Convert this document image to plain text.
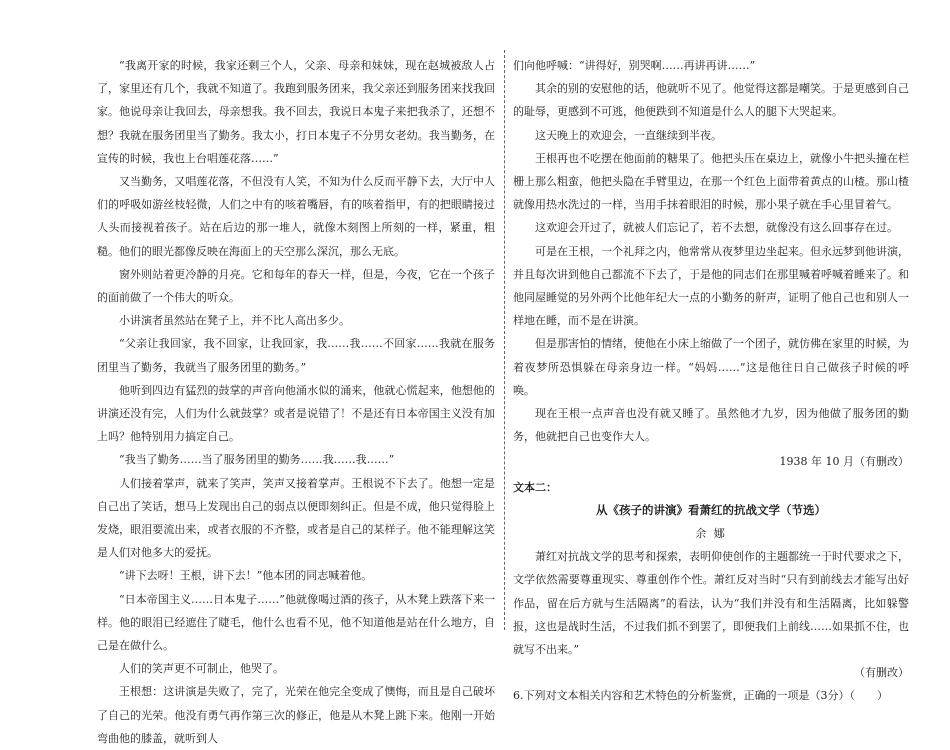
“我离开家的时候，我家还剩三个人，父亲、母亲和妹妹，现在赵城被敌人占了，家里还有几个，我就不知道了。我跑到服务团来，我父亲还到服务团来找我回家。他说母亲让我回去，母亲想我。我不回去，我说日本鬼子来把我杀了，还想不想？我就在服务团里当了勤务。我太小，打日本鬼子不分男女老幼。我当勤务，在宣传的时候，我也上台唱莲花落……”

又当勤务，又唱莲花落，不但没有人笑，不知为什么反而平静下去，大厅中人们的呼吸如游丝枝轻微，人们之中有的咳着嘴唇，有的咳着指甲，有的把眼睛接过人头而接视着孩子。站在后边的那一堆人，就像木刻图上所刻的一样，紧重，粗糙。他们的眼光都像反映在海面上的天空那么深沉，那么无底。

窗外则站着更冷静的月亮。它和每年的春天一样，但是，今夜，它在一个孩子的面前做了一个伟大的听众。

小讲演者虽然站在凳子上，并不比人高出多少。

“父亲让我回家，我不回家，让我回家，我……我……不回家……我就在服务团里当了勤务，我就当了服务团里的勤务。”

他听到四边有猛烈的鼓掌的声音向他涌水似的涌来，他就心慌起来，他想他的讲演还没有完，人们为什么就鼓掌？或者是说错了！不是还有日本帝国主义没有加上吗？他特别用力搞定自己。

“我当了勤务……当了服务团里的勤务……我……我……”

人们接着掌声，就来了笑声，笑声又接着掌声。王根说不下去了。他想一定是自己出了笑话，想马上发现出自己的弱点以便即刻纠正。但是不成，他只觉得脸上发烧，眼泪要流出来，或者衣服的不齐整，或者是自己的某样子。他不能理解这笑是人们对他多大的爱抚。

“讲下去呀！王根，讲下去！”他本团的同志喊着他。

“日本帝国主义……日本鬼子……”他就像喝过酒的孩子，从木凳上跌落下来一样。他的眼泪已经遮住了睫毛，他什么也看不见，他不知道他是站在什么地方，自己是在做什么。

人们的笑声更不可制止，他哭了。

王根想：这讲演是失败了，完了，光荣在他完全变成了懊悔，而且是自己破坏了自己的光荣。他没有勇气再作第三次的修正，他是从木凳上跳下来。他刚一开始弯曲他的膝盖，就听到人

们向他呼喊：“讲得好，别哭啊……再讲再讲……”

其余的别的安慰他的话，他就听不见了。他觉得这都是嘲笑。于是更感到自己的耻辱，更感到不可逃，他便跌到不知道是什么人的腿下大哭起来。

这天晚上的欢迎会，一直继续到半夜。

王根再也不吃摆在他面前的糖果了。他把头压在桌边上，就像小牛把头撞在栏栅上那么粗蛮，他把头隐在手臂里边，在那一个红色上面带着黄点的山楂。那山楂就像用热水洗过的一样，当用手抹着眼泪的时候，那小果子就在手心里冒着气。

这欢迎会开过了，就被人们忘记了，若不去想，就像没有这么回事存在过。

可是在王根，一个礼拜之内，他常常从夜梦里边坐起来。但永远梦到他讲演，并且每次讲到他自己都流不下去了，于是他的同志们在那里喊着呼喊着睡来了。和他同屋睡觉的另外两个比他年纪大一点的小勤务的鼾声，证明了他自己也和别人一样地在睡，而不是在讲演。

但是那害怕的情绪，使他在小床上缩做了一个团子，就仿佛在家里的时候，为着夜梦所恐惧躲在母亲身边一样。“妈妈……”这是他往日自己做孩子时候的呼唤。

现在王根一点声音也没有就又睡了。虽然他才九岁，因为他做了服务团的勤务，他就把自己也变作大人。

1938 年 10 月（有删改）
文本二：
从《孩子的讲演》看萧红的抗战文学（节选）
余 娜

萧红对抗战文学的思考和探索，表明仰使创作的主题都统一于时代要求之下，文学依然需要尊重现实、尊重创作个性。萧红反对当时“只有到前线去才能写出好作品，留在后方就与生活隔离”的看法，认为“我们并没有和生活隔离，比如躲警报，这也是战时生活，不过我们抓不到罢了，即便我们上前线……如果抓不住，也就写不出来。”

（有删改）
6.下列对文本相关内容和艺术特色的分析鉴赏，正确的一项是（3分）（　　）
